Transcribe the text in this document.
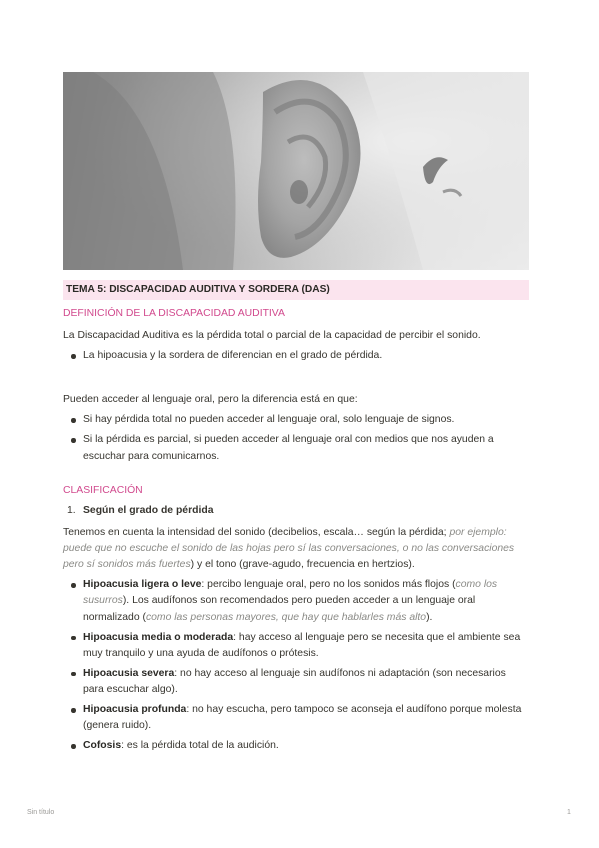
TEMA 5: DISCAPACIDAD AUDITIVA Y SORDERA (DAS)
DEFINICIÓN DE LA DISCAPACIDAD AUDITIVA

La Discapacidad Auditiva es la pérdida total o parcial de la capacidad de percibir el sonido.

La hipoacusia y la sordera de diferencian en el grado de pérdida.

Pueden acceder al lenguaje oral, pero la diferencia está en que:

Si hay pérdida total no pueden acceder al lenguaje oral, solo lenguaje de signos.
Si la pérdida es parcial, si pueden acceder al lenguaje oral con medios que nos ayuden a escuchar para comunicarnos.
CLASIFICACIÓN
1. Según el grado de pérdida

Tenemos en cuenta la intensidad del sonido (decibelios, escala… según la pérdida; por ejemplo: puede que no escuche el sonido de las hojas pero sí las conversaciones, o no las conversaciones pero sí sonidos más fuertes) y el tono (grave-agudo, frecuencia en hertzios).

Hipoacusia ligera o leve: percibo lenguaje oral, pero no los sonidos más flojos (como los susurros). Los audífonos son recomendados pero pueden acceder a un lenguaje oral normalizado (como las personas mayores, que hay que hablarles más alto).
Hipoacusia media o moderada: hay acceso al lenguaje pero se necesita que el ambiente sea muy tranquilo y una ayuda de audífonos o prótesis.
Hipoacusia severa: no hay acceso al lenguaje sin audífonos ni adaptación (son necesarios para escuchar algo).
Hipoacusia profunda: no hay escucha, pero tampoco se aconseja el audífono porque molesta (genera ruido).
Cofosis: es la pérdida total de la audición.
Sin título	1
